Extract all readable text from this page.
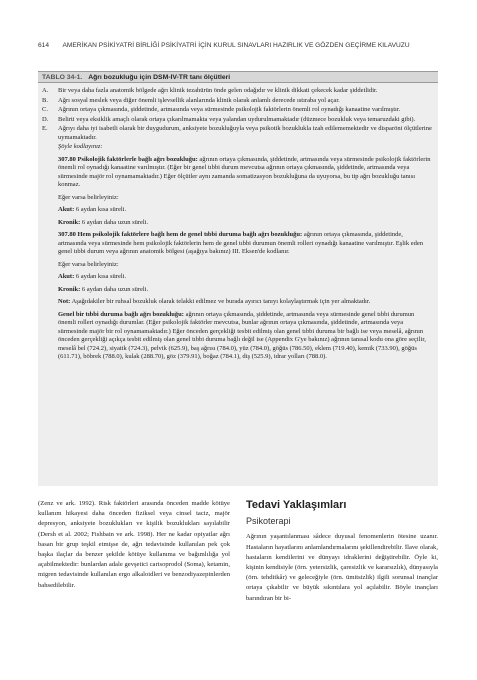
614 AMERİKAN PSİKİYATRİ BİRLİĞİ PSİKİYATRİ İÇİN KURUL SINAVLARI HAZIRLIK VE GÖZDEN GEÇİRME KILAVUZU
TABLO 34-1. Ağrı bozukluğu için DSM-IV-TR tanı ölçütleri
A.	Bir veya daha fazla anatomik bölgede ağrı klinik tezahürün önde gelen odağıdır ve klinik dikkati çekecek kadar şiddetlidir.
B.	Ağrı sosyal meslek veya diğer önemli işlevsellik alanlarında klinik olarak anlamlı derecede ıstıraba yol açar.
C.	Ağrının ortaya çıkmasında, şiddetinde, artmasında veya sürmesinde psikolojik faktörlerin önemli rol oynadığı kanaatine varılmıştır.
D.	Belirti veya eksiklik amaçlı olarak ortaya çıkarılmamakta veya yalandan uydurulmamaktadır (düzmece bozukluk veya temaruzdaki gibi).
E.	Ağrıyı daha iyi isabetli olarak bir duygudurum, anksiyete bozukluğuyla veya psikotik bozuklukla izah edilememektedir ve disparöni ölçütlerine uymamaktadır.
Şöyle kodlayınız:
307.80 Psikolojik faktörlerle bağlı ağrı bozukluğu: ağrının ortaya çıkmasında, şiddetinde, artmasında veya sürmesinde psikolojik faktörlerin önemli rol oynadığı kanaatine varılmıştır. (Eğer bir genel tıbbi durum mevcutsa ağrının ortaya çıkmasında, şiddetinde, artmasında veya sürmesinde majör rol oynamamaktadır.) Eğer ölçütler aynı zamanda somatizasyon bozukluğuna da uyuyorsa, bu tip ağrı bozukluğu tanısı konmaz.
Eğer varsa belirleyiniz:
Akut: 6 aydan kısa süreli.
Kronik: 6 aydan daha uzun süreli.
307.80 Hem psikolojik faktörlere bağlı hem de genel tıbbi duruma bağlı ağrı bozukluğu: ağrının ortaya çıkmasında, şiddetinde, artmasında veya sürmesinde hem psikolojik faktörlerin hem de genel tıbbi durumun önemli rolleri oynadığı kanaatine varılmıştır. Eşlik eden genel tıbbi durum veya ağrının anatomik bölgesi (aşağıya bakınız) III. Eksen'de kodlanır.
Eğer varsa belirleyiniz:
Akut: 6 aydan kısa süreli.
Kronik: 6 aydan daha uzun süreli.
Not: Aşağıdakiler bir ruhsal bozukluk olarak telakki edilmez ve burada ayırıcı tanıyı kolaylaştırmak için yer almaktadır.
Genel bir tıbbi duruma bağlı ağrı bozukluğu: ağrının ortaya çıkmasında, şiddetinde, artmasında veya sürmesinde genel tıbbi durumun önemli rolleri oynadığı durumlar. (Eğer psikolojik faktörler mevcutsa, bunlar ağrının ortaya çıkmasında, şiddetinde, artmasında veya sürmesinde majör bir rol oynamamaktadır.) Eğer önceden gerçekliği tesbit edilmiş olan genel tıbbi duruma bir bağlı ise veya meselâ, ağrının önceden gerçekliği açıkça tesbit edilmiş olan genel tıbbi duruma bağlı değil ise (Appendix G'ye bakınız) ağrının tanısal kodu ona göre seçilir, meselâ bel (724.2), siyatik (724.3), pelvik (625.9), baş ağrısı (784.0), yüz (784.0), göğüs (786.50), eklem (719.40), kemik (733.90), göğüs (611.71), böbrek (788.0), kulak (288.70), göz (379.91), boğaz (784.1), diş (525.9), idrar yolları (788.0).
(Zenz ve ark. 1992). Risk faktörleri arasında önceden madde kötüye kullanım hikayesi daha önceden fiziksel veya cinsel taciz, majör depresyon, anksiyete bozuklukları ve kişilik bozuklukları sayılabilir (Dersh et al. 2002; Fishbain ve ark. 1998). Her ne kadar opiyatlar ağrı basan bir grup teşkil etmişse de, ağrı tedavisinde kullanılan pek çok başka ilaçlar da benzer şekilde kötüye kullanıma ve bağımlılığa yol açabilmektedir: bunlardan adale gevşetici carisoprodol (Soma), ketamin, migren tedavisinde kullanılan ergo alkaloidleri ve benzodiyazepinlerden bahsedilebilir.
Tedavi Yaklaşımları
Psikoterapi
Ağrının yaşantılanması sâdece duyusal fenomenlerin ötesine uzanır. Hastaların hayatlarını anlamlandırmalarını şekillendirebilir. İlave olarak, hastaların kendilerini ve dünyayı idraklerini değiştirebilir. Öyle ki, kişinin kendisiyle (örn. yetersizlik, çaresizlik ve kararsızlık), dünyasıyla (örn. tehditkâr) ve geleceğiyle (örn. ümitsizlik) ilgili sorunsal inançlar ortaya çıkabilir ve büyük sıkıntılara yol açılabilir. Böyle inançları barındıran bir bi-
